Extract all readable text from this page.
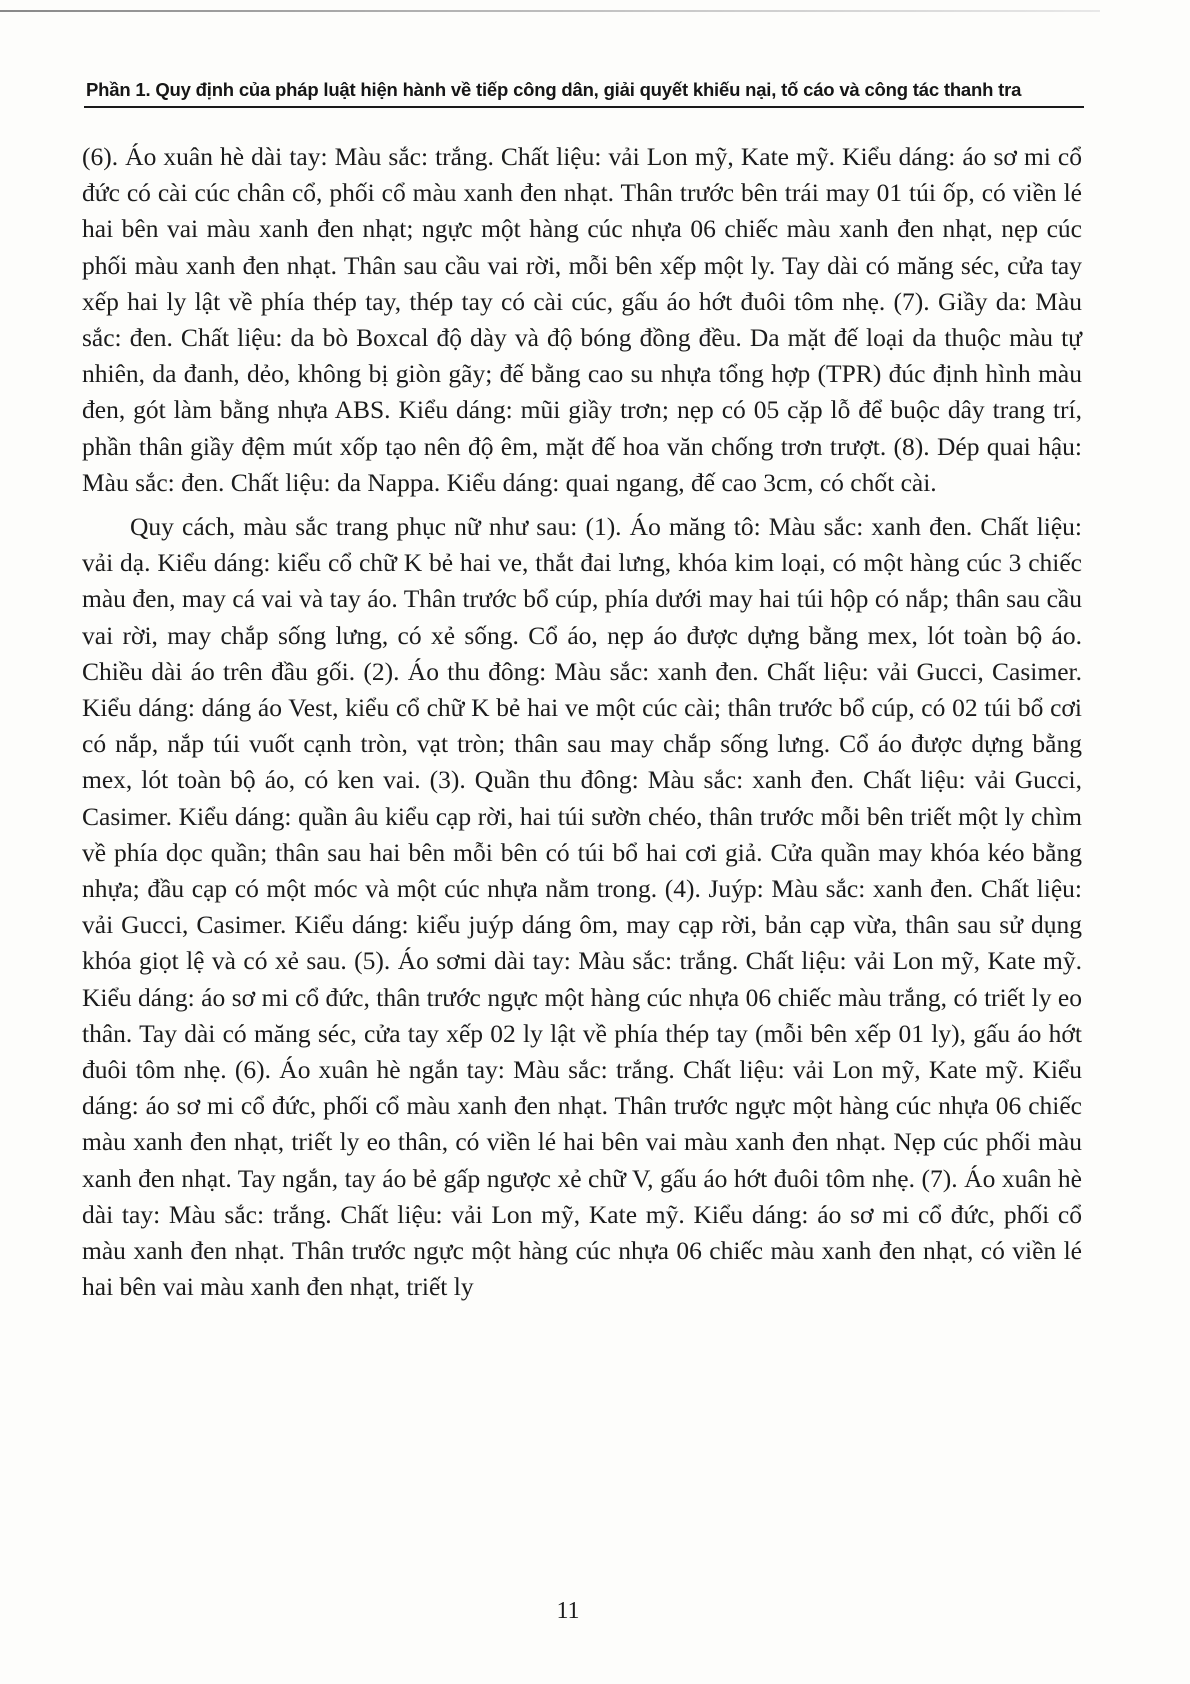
Phần 1. Quy định của pháp luật hiện hành về tiếp công dân, giải quyết khiếu nại, tố cáo và công tác thanh tra

(6). Áo xuân hè dài tay: Màu sắc: trắng. Chất liệu: vải Lon mỹ, Kate mỹ. Kiểu dáng: áo sơ mi cổ đức có cài cúc chân cổ, phối cổ màu xanh đen nhạt. Thân trước bên trái may 01 túi ốp, có viền lé hai bên vai màu xanh đen nhạt; ngực một hàng cúc nhựa 06 chiếc màu xanh đen nhạt, nẹp cúc phối màu xanh đen nhạt. Thân sau cầu vai rời, mỗi bên xếp một ly. Tay dài có măng séc, cửa tay xếp hai ly lật về phía thép tay, thép tay có cài cúc, gấu áo hớt đuôi tôm nhẹ. (7). Giầy da: Màu sắc: đen. Chất liệu: da bò Boxcal độ dày và độ bóng đồng đều. Da mặt đế loại da thuộc màu tự nhiên, da đanh, dẻo, không bị giòn gãy; đế bằng cao su nhựa tổng hợp (TPR) đúc định hình màu đen, gót làm bằng nhựa ABS. Kiểu dáng: mũi giầy trơn; nẹp có 05 cặp lỗ để buộc dây trang trí, phần thân giầy đệm mút xốp tạo nên độ êm, mặt đế hoa văn chống trơn trượt. (8). Dép quai hậu: Màu sắc: đen. Chất liệu: da Nappa. Kiểu dáng: quai ngang, đế cao 3cm, có chốt cài.

Quy cách, màu sắc trang phục nữ như sau: (1). Áo măng tô: Màu sắc: xanh đen. Chất liệu: vải dạ. Kiểu dáng: kiểu cổ chữ K bẻ hai ve, thắt đai lưng, khóa kim loại, có một hàng cúc 3 chiếc màu đen, may cá vai và tay áo. Thân trước bổ cúp, phía dưới may hai túi hộp có nắp; thân sau cầu vai rời, may chắp sống lưng, có xẻ sống. Cổ áo, nẹp áo được dựng bằng mex, lót toàn bộ áo. Chiều dài áo trên đầu gối. (2). Áo thu đông: Màu sắc: xanh đen. Chất liệu: vải Gucci, Casimer. Kiểu dáng: dáng áo Vest, kiểu cổ chữ K bẻ hai ve một cúc cài; thân trước bổ cúp, có 02 túi bổ cơi có nắp, nắp túi vuốt cạnh tròn, vạt tròn; thân sau may chắp sống lưng. Cổ áo được dựng bằng mex, lót toàn bộ áo, có ken vai. (3). Quần thu đông: Màu sắc: xanh đen. Chất liệu: vải Gucci, Casimer. Kiểu dáng: quần âu kiểu cạp rời, hai túi sườn chéo, thân trước mỗi bên triết một ly chìm về phía dọc quần; thân sau hai bên mỗi bên có túi bổ hai cơi giả. Cửa quần may khóa kéo bằng nhựa; đầu cạp có một móc và một cúc nhựa nằm trong. (4). Juýp: Màu sắc: xanh đen. Chất liệu: vải Gucci, Casimer. Kiểu dáng: kiểu juýp dáng ôm, may cạp rời, bản cạp vừa, thân sau sử dụng khóa giọt lệ và có xẻ sau. (5). Áo sơmi dài tay: Màu sắc: trắng. Chất liệu: vải Lon mỹ, Kate mỹ. Kiểu dáng: áo sơ mi cổ đức, thân trước ngực một hàng cúc nhựa 06 chiếc màu trắng, có triết ly eo thân. Tay dài có măng séc, cửa tay xếp 02 ly lật về phía thép tay (mỗi bên xếp 01 ly), gấu áo hớt đuôi tôm nhẹ. (6). Áo xuân hè ngắn tay: Màu sắc: trắng. Chất liệu: vải Lon mỹ, Kate mỹ. Kiểu dáng: áo sơ mi cổ đức, phối cổ màu xanh đen nhạt. Thân trước ngực một hàng cúc nhựa 06 chiếc màu xanh đen nhạt, triết ly eo thân, có viền lé hai bên vai màu xanh đen nhạt. Nẹp cúc phối màu xanh đen nhạt. Tay ngắn, tay áo bẻ gấp ngược xẻ chữ V, gấu áo hớt đuôi tôm nhẹ. (7). Áo xuân hè dài tay: Màu sắc: trắng. Chất liệu: vải Lon mỹ, Kate mỹ. Kiểu dáng: áo sơ mi cổ đức, phối cổ màu xanh đen nhạt. Thân trước ngực một hàng cúc nhựa 06 chiếc màu xanh đen nhạt, có viền lé hai bên vai màu xanh đen nhạt, triết ly

11
